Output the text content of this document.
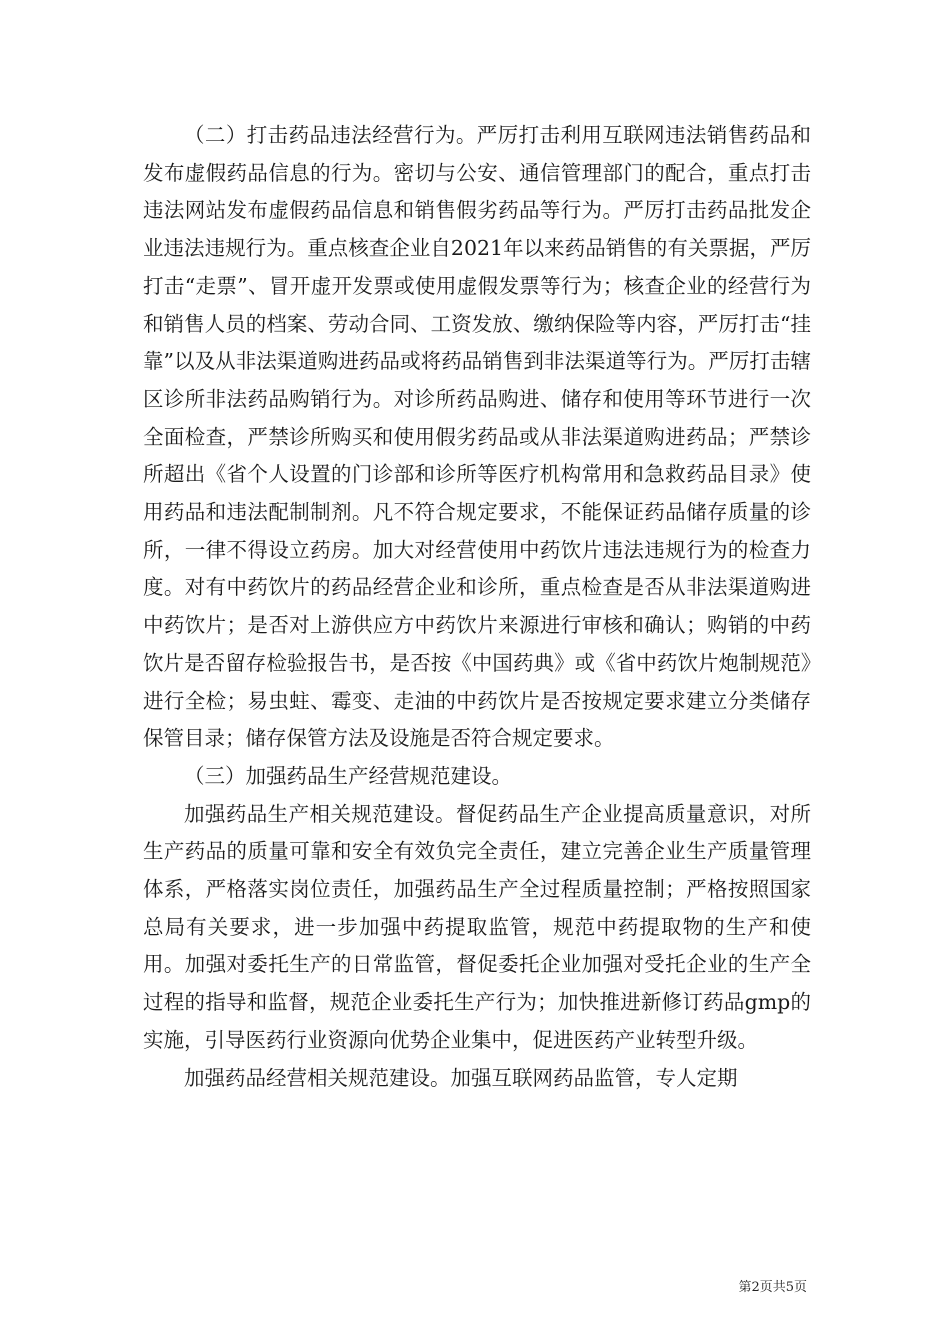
（二）打击药品违法经营行为。严厉打击利用互联网违法销售药品和发布虚假药品信息的行为。密切与公安、通信管理部门的配合，重点打击违法网站发布虚假药品信息和销售假劣药品等行为。严厉打击药品批发企业违法违规行为。重点核查企业自2021年以来药品销售的有关票据，严厉打击“走票”、冒开虚开发票或使用虚假发票等行为；核查企业的经营行为和销售人员的档案、劳动合同、工资发放、缴纳保险等内容，严厉打击“挂靠”以及从非法渠道购进药品或将药品销售到非法渠道等行为。严厉打击辖区诊所非法药品购销行为。对诊所药品购进、储存和使用等环节进行一次全面检查，严禁诊所购买和使用假劣药品或从非法渠道购进药品；严禁诊所超出《省个人设置的门诊部和诊所等医疗机构常用和急救药品目录》使用药品和违法配制制剂。凡不符合规定要求，不能保证药品储存质量的诊所，一律不得设立药房。加大对经营使用中药饮片违法违规行为的检查力度。对有中药饮片的药品经营企业和诊所，重点检查是否从非法渠道购进中药饮片；是否对上游供应方中药饮片来源进行审核和确认；购销的中药饮片是否留存检验报告书，是否按《中国药典》或《省中药饮片炮制规范》进行全检；易虫蛀、霉变、走油的中药饮片是否按规定要求建立分类储存保管目录；储存保管方法及设施是否符合规定要求。

（三）加强药品生产经营规范建设。

加强药品生产相关规范建设。督促药品生产企业提高质量意识，对所生产药品的质量可靠和安全有效负完全责任，建立完善企业生产质量管理体系，严格落实岗位责任，加强药品生产全过程质量控制；严格按照国家总局有关要求，进一步加强中药提取监管，规范中药提取物的生产和使用。加强对委托生产的日常监管，督促委托企业加强对受托企业的生产全过程的指导和监督，规范企业委托生产行为；加快推进新修订药品gmp的实施，引导医药行业资源向优势企业集中，促进医药产业转型升级。

加强药品经营相关规范建设。加强互联网药品监管，专人定期

第2页共5页
